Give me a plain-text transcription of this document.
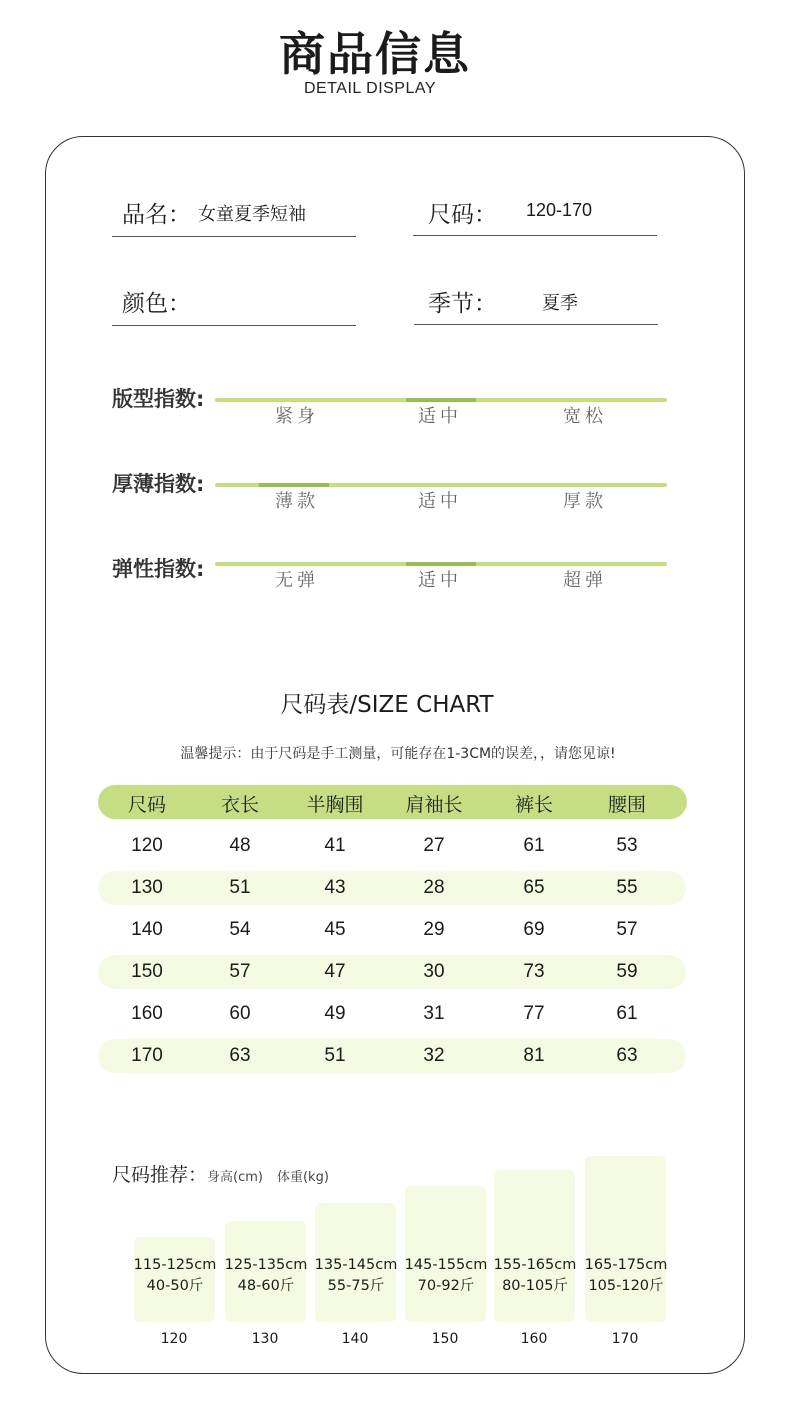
商品信息
DETAIL DISPLAY
品名： 女童夏季短袖	尺码： 120-170
颜色：	季节：	夏季
版型指数:
紧身	适中	宽松
厚薄指数:
薄款	适中	厚款
弹性指数:	无弹	适中	超弹
尺码表/SIZE CHART
温馨提示：由于尺码是手工测量，可能存在1-3CM的误差，，请您见谅!
尺码	衣长	半胸围	肩袖长	裤长	腰围
120	48	41	27	61	53
130	51	43	28	65	55
140	54	45	29	69	57
150	57	47	30	73	59
160	60	49	31	77	61
170	63	51	32	81	63
尺码推荐：身高(cm) 体重(kg)
115-125cm
40-50斤
120
125-135cm
48-60斤
130
135-145cm
55-75斤
140
145-155cm
70-92斤
150
155-165cm
80-105斤
160
165-175cm
105-120斤
170
